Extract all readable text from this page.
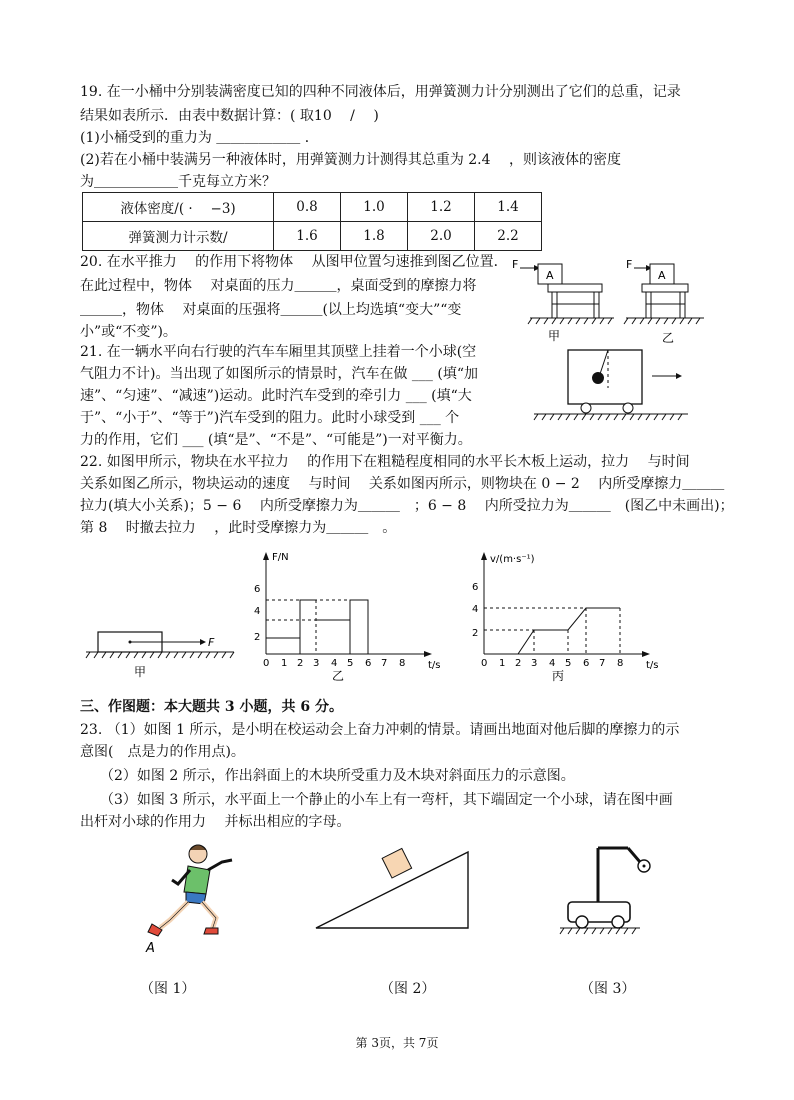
19. 在一小桶中分别装满密度已知的四种不同液体后，用弹簧测力计分别测出了它们的总重，记录
结果如表所示．由表中数据计算：( 取10 　/ 　)
(1)小桶受到的重力为 ＿＿＿＿＿＿ ．
(2)若在小桶中装满另一种液体时，用弹簧测力计测得其总重为 2.4 　，则该液体的密度
为＿＿＿＿＿＿千克每立方米？
液体密度/( · 　−3)	0.8	1.0	1.2	1.4
弹簧测力计示数/	1.6	1.8	2.0	2.2
20. 在水平推力 　的作用下将物体 　从图甲位置匀速推到图乙位置．
在此过程中，物体 　对桌面的压力＿＿＿，桌面受到的摩擦力将
＿＿＿，物体 　对桌面的压强将＿＿＿(以上均选填“变大”“变
小”或“不变”)。
F
A
F
A
甲	乙
21. 在一辆水平向右行驶的汽车车厢里其顶壁上挂着一个小球(空
气阻力不计)。当出现了如图所示的情景时，汽车在做 ___ (填“加
速”、“匀速”、“减速”)运动。此时汽车受到的牵引力 ___ (填“大
于”、“小于”、“等于”)汽车受到的阻力。此时小球受到 ___ 个
力的作用，它们 ___ (填“是”、“不是”、“可能是”)一对平衡力。
22. 如图甲所示，物块在水平拉力 　的作用下在粗糙程度相同的水平长木板上运动，拉力 　与时间
关系如图乙所示，物块运动的速度 　与时间 　关系如图丙所示，则物块在 0 − 2 　内所受摩擦力＿＿＿
拉力(填大小关系)；5 − 6 　内所受摩擦力为＿＿＿　；6 − 8 　内所受拉力为＿＿＿　(图乙中未画出)；
第 8 　时撤去拉力 　，此时受摩擦力为＿＿＿　。
F
甲
F/N
t/s
2
4
6
0 1 2 3 4 5 6 7 8
乙
v/(m·s⁻¹)
t/s
2
4
6
0 1 2 3 4 5 6 7 8
丙
三、作图题：本大题共 3 小题，共 6 分。
23. （1）如图 1 所示，是小明在校运动会上奋力冲刺的情景。请画出地面对他后脚的摩擦力的示
意图(　点是力的作用点)。
（2）如图 2 所示，作出斜面上的木块所受重力及木块对斜面压力的示意图。
（3）如图 3 所示，水平面上一个静止的小车上有一弯杆，其下端固定一个小球，请在图中画
出杆对小球的作用力 　并标出相应的字母。
A
（图 1）	（图 2）	（图 3）
第 3页，共 7页
